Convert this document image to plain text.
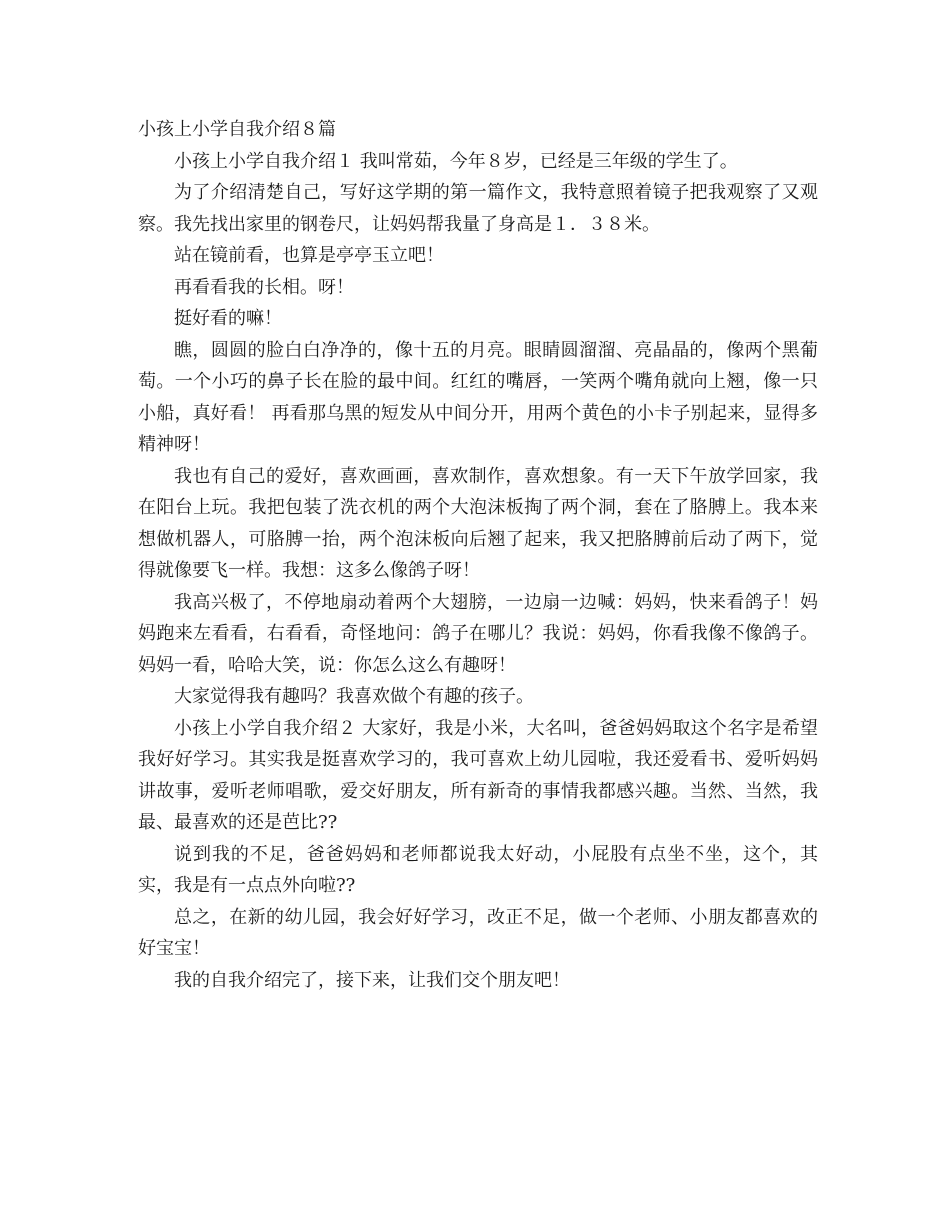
小孩上小学自我介绍８篇

小孩上小学自我介绍１ 我叫常茹，今年８岁，已经是三年级的学生了。

为了介绍清楚自己，写好这学期的第一篇作文，我特意照着镜子把我观察了又观察。我先找出家里的钢卷尺，让妈妈帮我量了身高是１．３８米。

站在镜前看，也算是亭亭玉立吧！

再看看我的长相。呀！

挺好看的嘛！

瞧，圆圆的脸白白净净的，像十五的月亮。眼睛圆溜溜、亮晶晶的，像两个黑葡萄。一个小巧的鼻子长在脸的最中间。红红的嘴唇，一笑两个嘴角就向上翘，像一只小船，真好看！ 再看那乌黑的短发从中间分开，用两个黄色的小卡子别起来，显得多精神呀！

我也有自己的爱好，喜欢画画，喜欢制作，喜欢想象。有一天下午放学回家，我在阳台上玩。我把包装了洗衣机的两个大泡沫板掏了两个洞，套在了胳膊上。我本来想做机器人，可胳膊一抬，两个泡沫板向后翘了起来，我又把胳膊前后动了两下，觉得就像要飞一样。我想：这多么像鸽子呀！

我高兴极了，不停地扇动着两个大翅膀，一边扇一边喊：妈妈，快来看鸽子！妈妈跑来左看看，右看看，奇怪地问：鸽子在哪儿？我说：妈妈，你看我像不像鸽子。妈妈一看，哈哈大笑，说：你怎么这么有趣呀！

大家觉得我有趣吗？我喜欢做个有趣的孩子。

小孩上小学自我介绍２ 大家好，我是小米，大名叫，爸爸妈妈取这个名字是希望我好好学习。其实我是挺喜欢学习的，我可喜欢上幼儿园啦，我还爱看书、爱听妈妈讲故事，爱听老师唱歌，爱交好朋友，所有新奇的事情我都感兴趣。当然、当然，我最、最喜欢的还是芭比??

说到我的不足，爸爸妈妈和老师都说我太好动，小屁股有点坐不坐，这个，其实，我是有一点点外向啦??

总之，在新的幼儿园，我会好好学习，改正不足，做一个老师、小朋友都喜欢的好宝宝！

我的自我介绍完了，接下来，让我们交个朋友吧！
